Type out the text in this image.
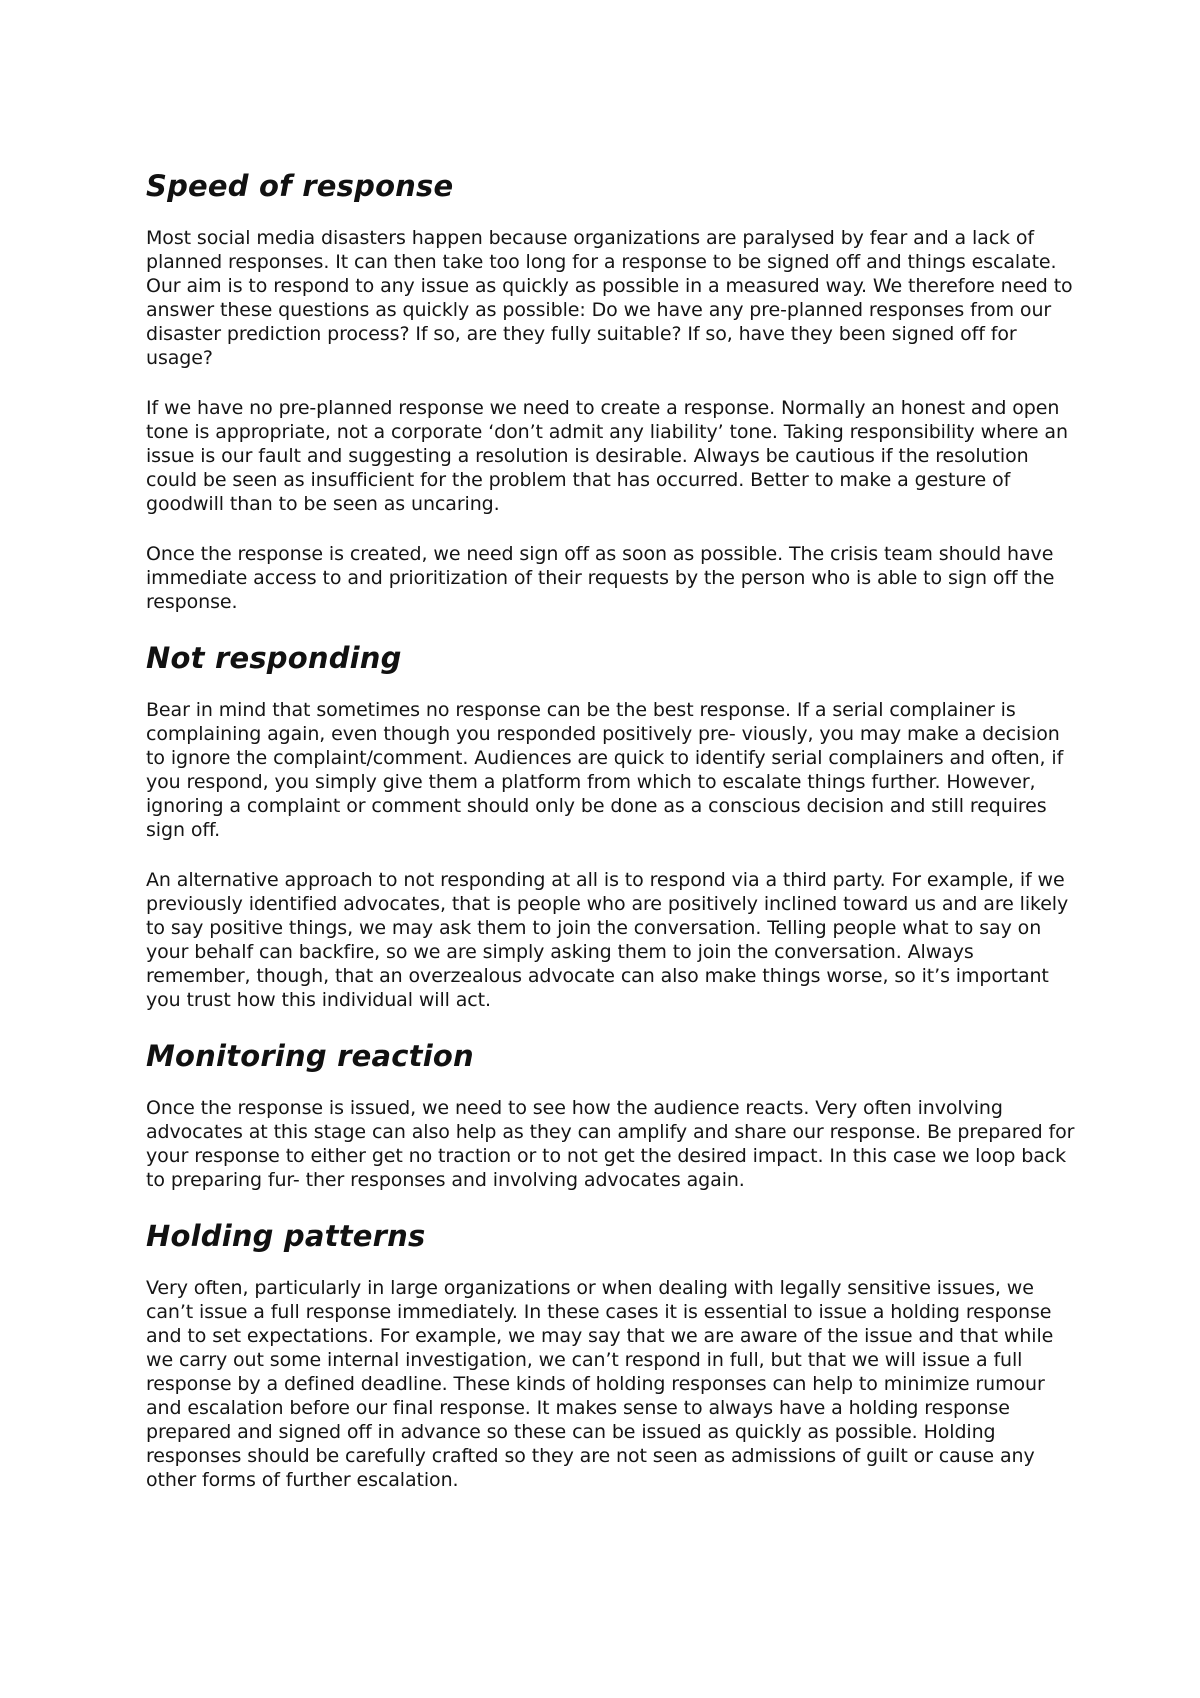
Speed of response

Most social media disasters happen because organizations are paralysed by fear and a lack of planned responses. It can then take too long for a response to be signed off and things escalate. Our aim is to respond to any issue as quickly as possible in a measured way. We therefore need to answer these questions as quickly as possible: Do we have any pre-planned responses from our disaster prediction process? If so, are they fully suitable? If so, have they been signed off for usage?

If we have no pre-planned response we need to create a response. Normally an honest and open tone is appropriate, not a corporate ‘don’t admit any liability’ tone. Taking responsibility where an issue is our fault and suggesting a resolution is desirable. Always be cautious if the resolution could be seen as insufficient for the problem that has occurred. Better to make a gesture of goodwill than to be seen as uncaring.

Once the response is created, we need sign off as soon as possible. The crisis team should have immediate access to and prioritization of their requests by the person who is able to sign off the response.

Not responding

Bear in mind that sometimes no response can be the best response. If a serial complainer is complaining again, even though you responded positively pre- viously, you may make a decision to ignore the complaint/comment. Audiences are quick to identify serial complainers and often, if you respond, you simply give them a platform from which to escalate things further. However, ignoring a complaint or comment should only be done as a conscious decision and still requires sign off.

An alternative approach to not responding at all is to respond via a third party. For example, if we previously identified advocates, that is people who are positively inclined toward us and are likely to say positive things, we may ask them to join the conversation. Telling people what to say on your behalf can backfire, so we are simply asking them to join the conversation. Always remember, though, that an overzealous advocate can also make things worse, so it’s important you trust how this individual will act.

Monitoring reaction

Once the response is issued, we need to see how the audience reacts. Very often involving advocates at this stage can also help as they can amplify and share our response. Be prepared for your response to either get no traction or to not get the desired impact. In this case we loop back to preparing fur- ther responses and involving advocates again.

Holding patterns

Very often, particularly in large organizations or when dealing with legally sensitive issues, we can’t issue a full response immediately. In these cases it is essential to issue a holding response and to set expectations. For example, we may say that we are aware of the issue and that while we carry out some internal investigation, we can’t respond in full, but that we will issue a full response by a defined deadline. These kinds of holding responses can help to minimize rumour and escalation before our final response. It makes sense to always have a holding response prepared and signed off in advance so these can be issued as quickly as possible. Holding responses should be carefully crafted so they are not seen as admissions of guilt or cause any other forms of further escalation.
